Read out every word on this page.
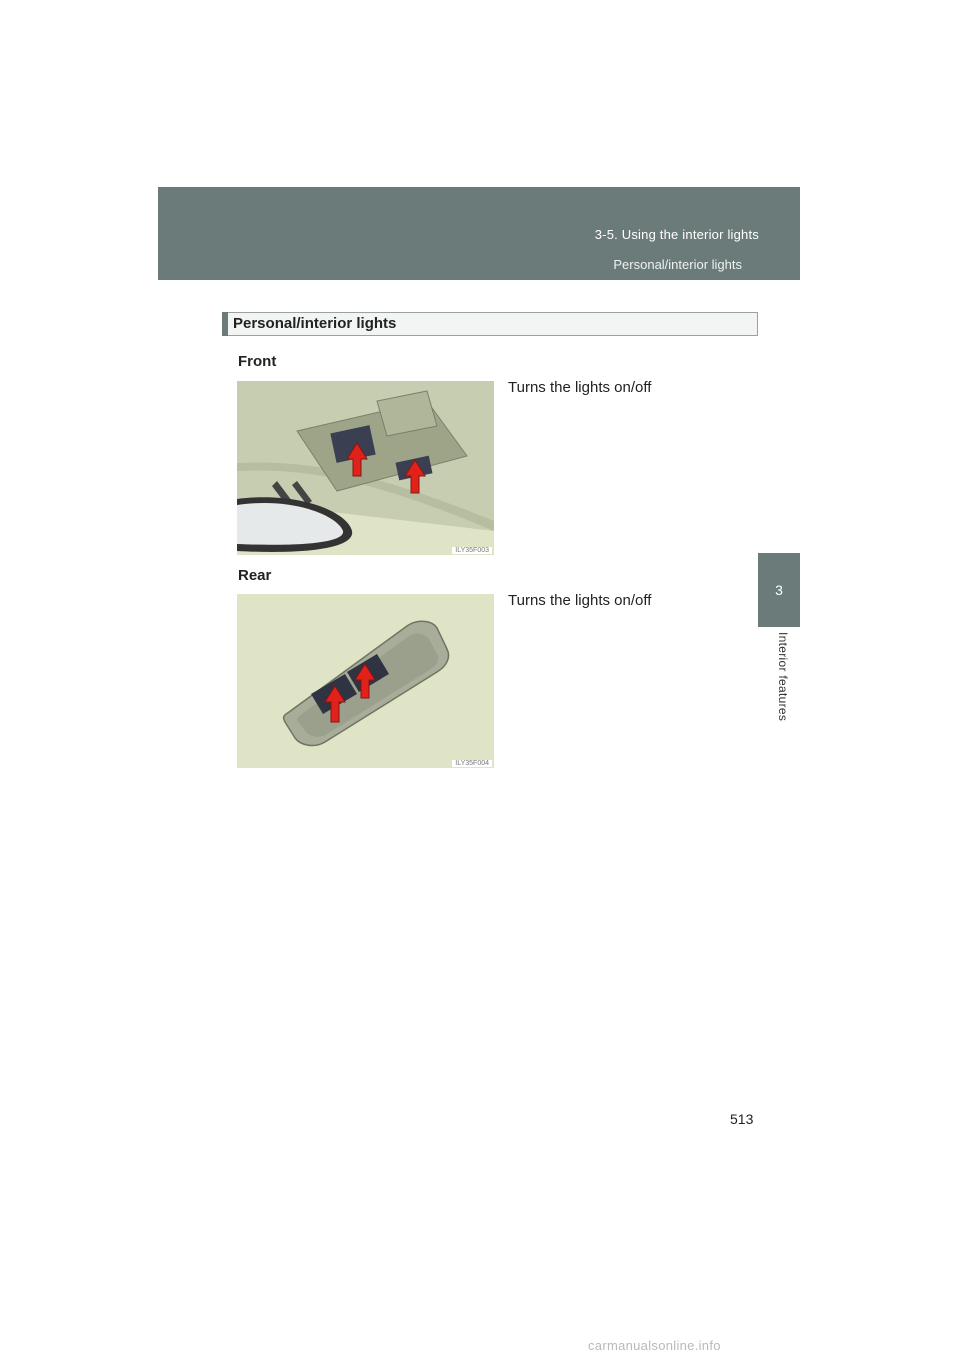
3-5. Using the interior lights
Personal/interior lights
3
Interior features
Personal/interior lights
Front
Turns the lights on/off
ILY35F003
Rear
Turns the lights on/off
ILY35F004
513
carmanualsonline.info
